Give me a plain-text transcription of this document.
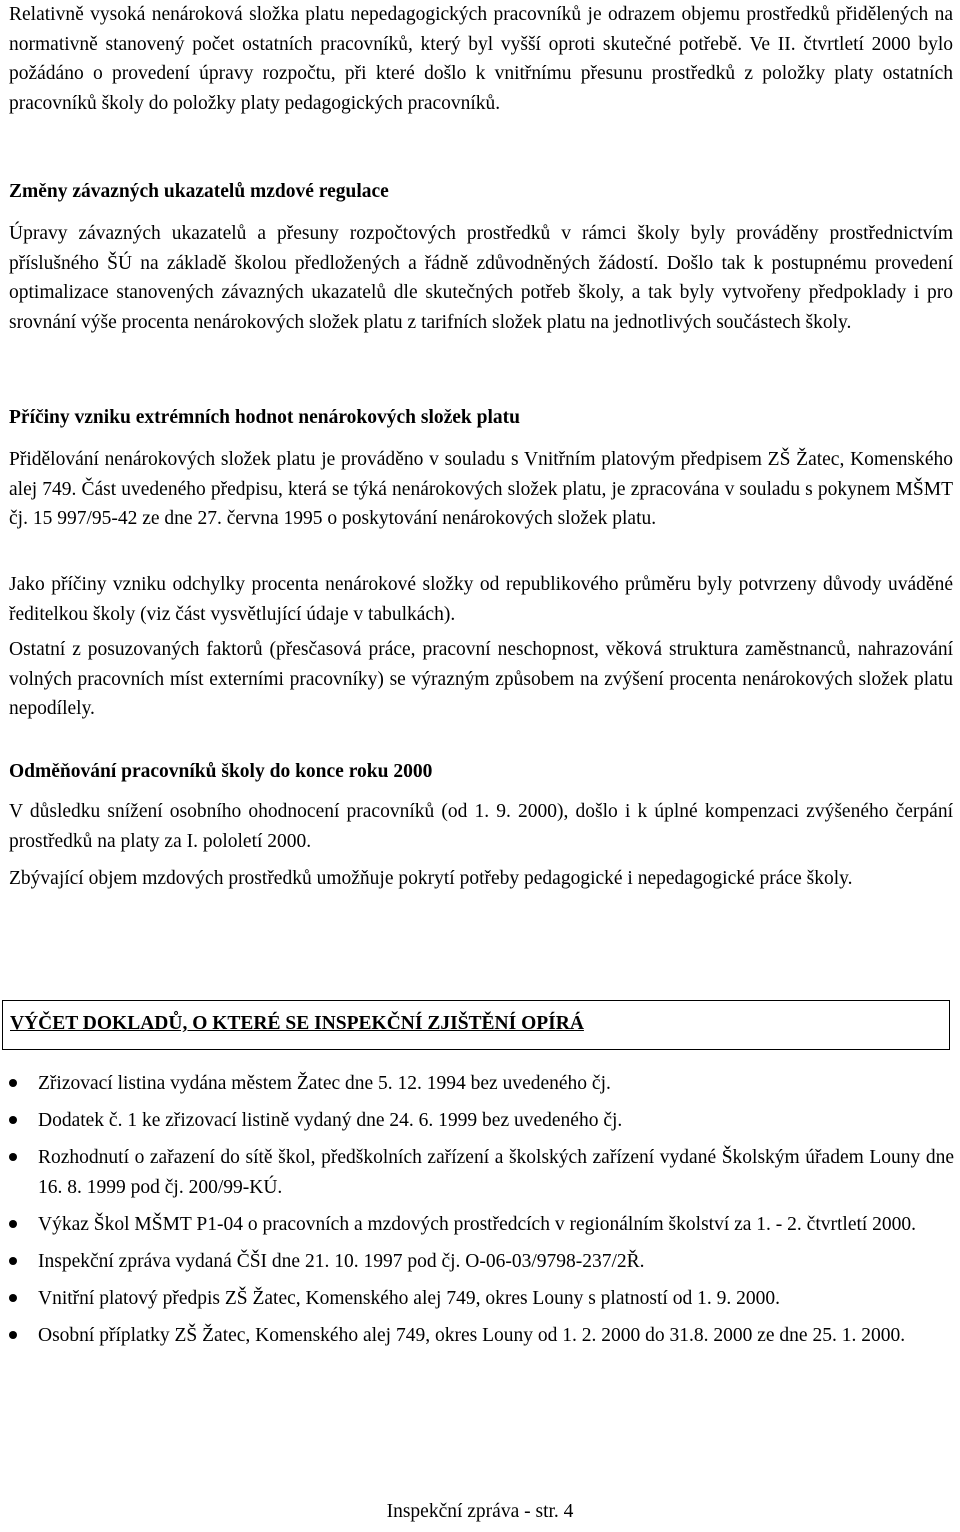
Relativně vysoká nenároková složka platu nepedagogických pracovníků je odrazem objemu prostředků přidělených na normativně stanovený počet ostatních pracovníků, který byl vyšší oproti skutečné potřebě. Ve II. čtvrtletí 2000 bylo požádáno o provedení úpravy rozpočtu, při které došlo k vnitřnímu přesunu prostředků z položky platy ostatních pracovníků školy do položky platy pedagogických pracovníků.

Změny závazných ukazatelů mzdové regulace

Úpravy závazných ukazatelů a přesuny rozpočtových prostředků v rámci školy byly prováděny prostřednictvím příslušného ŠÚ na základě školou předložených a řádně zdůvodněných žádostí. Došlo tak k postupnému provedení optimalizace stanovených závazných ukazatelů dle skutečných potřeb školy, a tak byly vytvořeny předpoklady i pro srovnání výše procenta nenárokových složek platu z tarifních složek platu na jednotlivých součástech školy.

Příčiny vzniku extrémních hodnot nenárokových složek platu

Přidělování nenárokových složek platu je prováděno v souladu s Vnitřním platovým předpisem ZŠ Žatec, Komenského alej 749. Část uvedeného předpisu, která se týká nenárokových složek platu, je zpracována v souladu s pokynem MŠMT čj. 15 997/95-42 ze dne 27. června 1995 o poskytování nenárokových složek platu.

Jako příčiny vzniku odchylky procenta nenárokové složky od republikového průměru byly potvrzeny důvody uváděné ředitelkou školy (viz část vysvětlující údaje v tabulkách).

Ostatní z posuzovaných faktorů (přesčasová práce, pracovní neschopnost, věková struktura zaměstnanců, nahrazování volných pracovních míst externími pracovníky) se výrazným způsobem na zvýšení procenta nenárokových složek platu nepodílely.

Odměňování pracovníků školy do konce roku 2000

V důsledku snížení osobního ohodnocení pracovníků (od 1. 9. 2000), došlo i k úplné kompenzaci zvýšeného čerpání prostředků na platy za I. pololetí 2000.

Zbývající objem mzdových prostředků umožňuje pokrytí potřeby pedagogické i nepedagogické práce školy.

VÝČET DOKLADŮ, O KTERÉ SE INSPEKČNÍ ZJIŠTĚNÍ OPÍRÁ
Zřizovací listina vydána městem Žatec dne 5. 12. 1994 bez uvedeného čj.
Dodatek č. 1 ke zřizovací listině vydaný dne 24. 6. 1999 bez uvedeného čj.
Rozhodnutí o zařazení do sítě škol, předškolních zařízení a školských zařízení vydané Školským úřadem Louny dne 16. 8. 1999 pod čj. 200/99-KÚ.
Výkaz Škol MŠMT P1-04 o pracovních a mzdových prostředcích v regionálním školství za 1. - 2. čtvrtletí 2000.
Inspekční zpráva vydaná ČŠI dne 21. 10. 1997 pod čj. O-06-03/9798-237/2Ř.
Vnitřní platový předpis ZŠ Žatec, Komenského alej 749, okres Louny s platností od 1. 9. 2000.
Osobní příplatky ZŠ Žatec, Komenského alej 749, okres Louny od 1. 2. 2000 do 31.8. 2000 ze dne 25. 1. 2000.
Inspekční zpráva - str. 4
